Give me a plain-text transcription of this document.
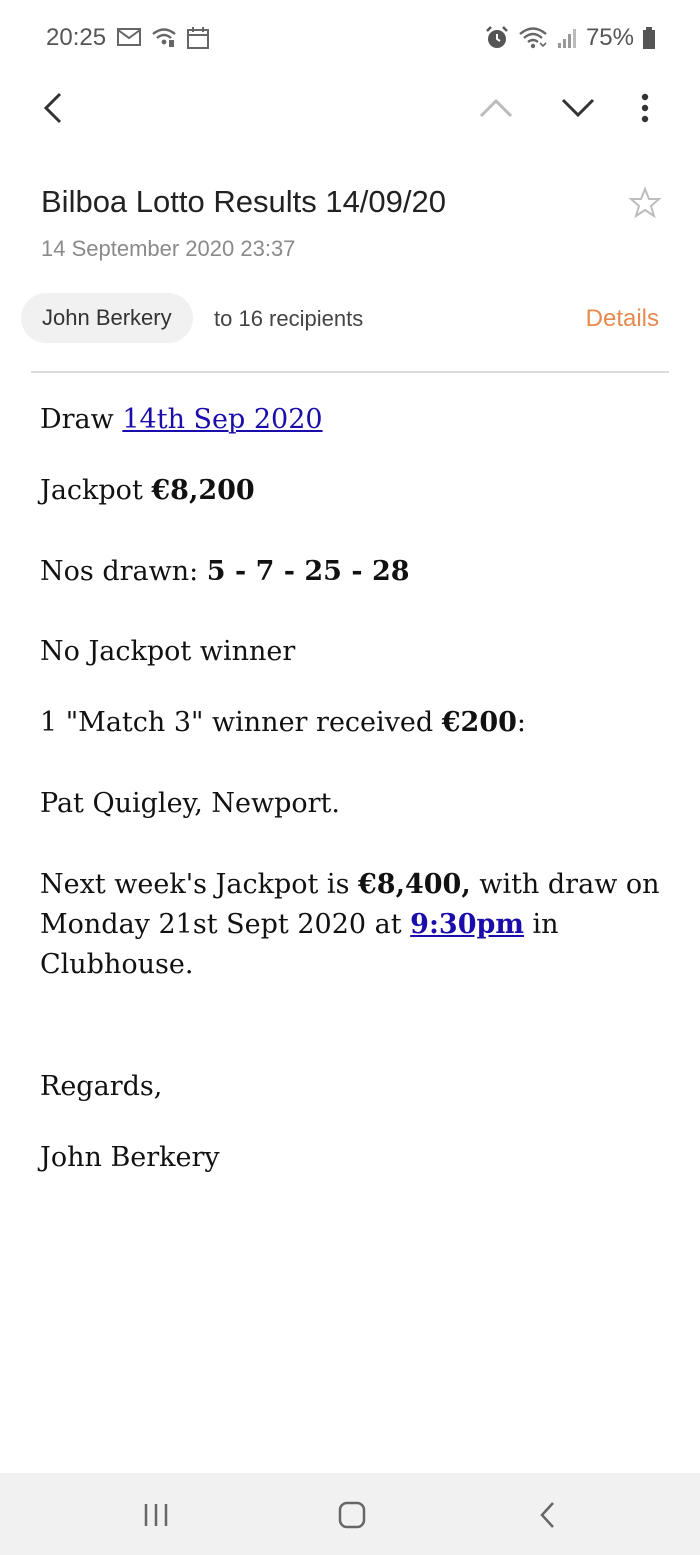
20:25	75%
Bilboa Lotto Results 14/09/20
14 September 2020 23:37
John Berkery	to 16 recipients	Details

Draw 14th Sep 2020

Jackpot €8,200

Nos drawn: 5 - 7 - 25 - 28

No Jackpot winner

1 "Match 3" winner received €200:

Pat Quigley, Newport.

Next week's Jackpot is €8,400, with draw on Monday 21st Sept 2020 at 9:30pm in Clubhouse.

Regards,

John Berkery
